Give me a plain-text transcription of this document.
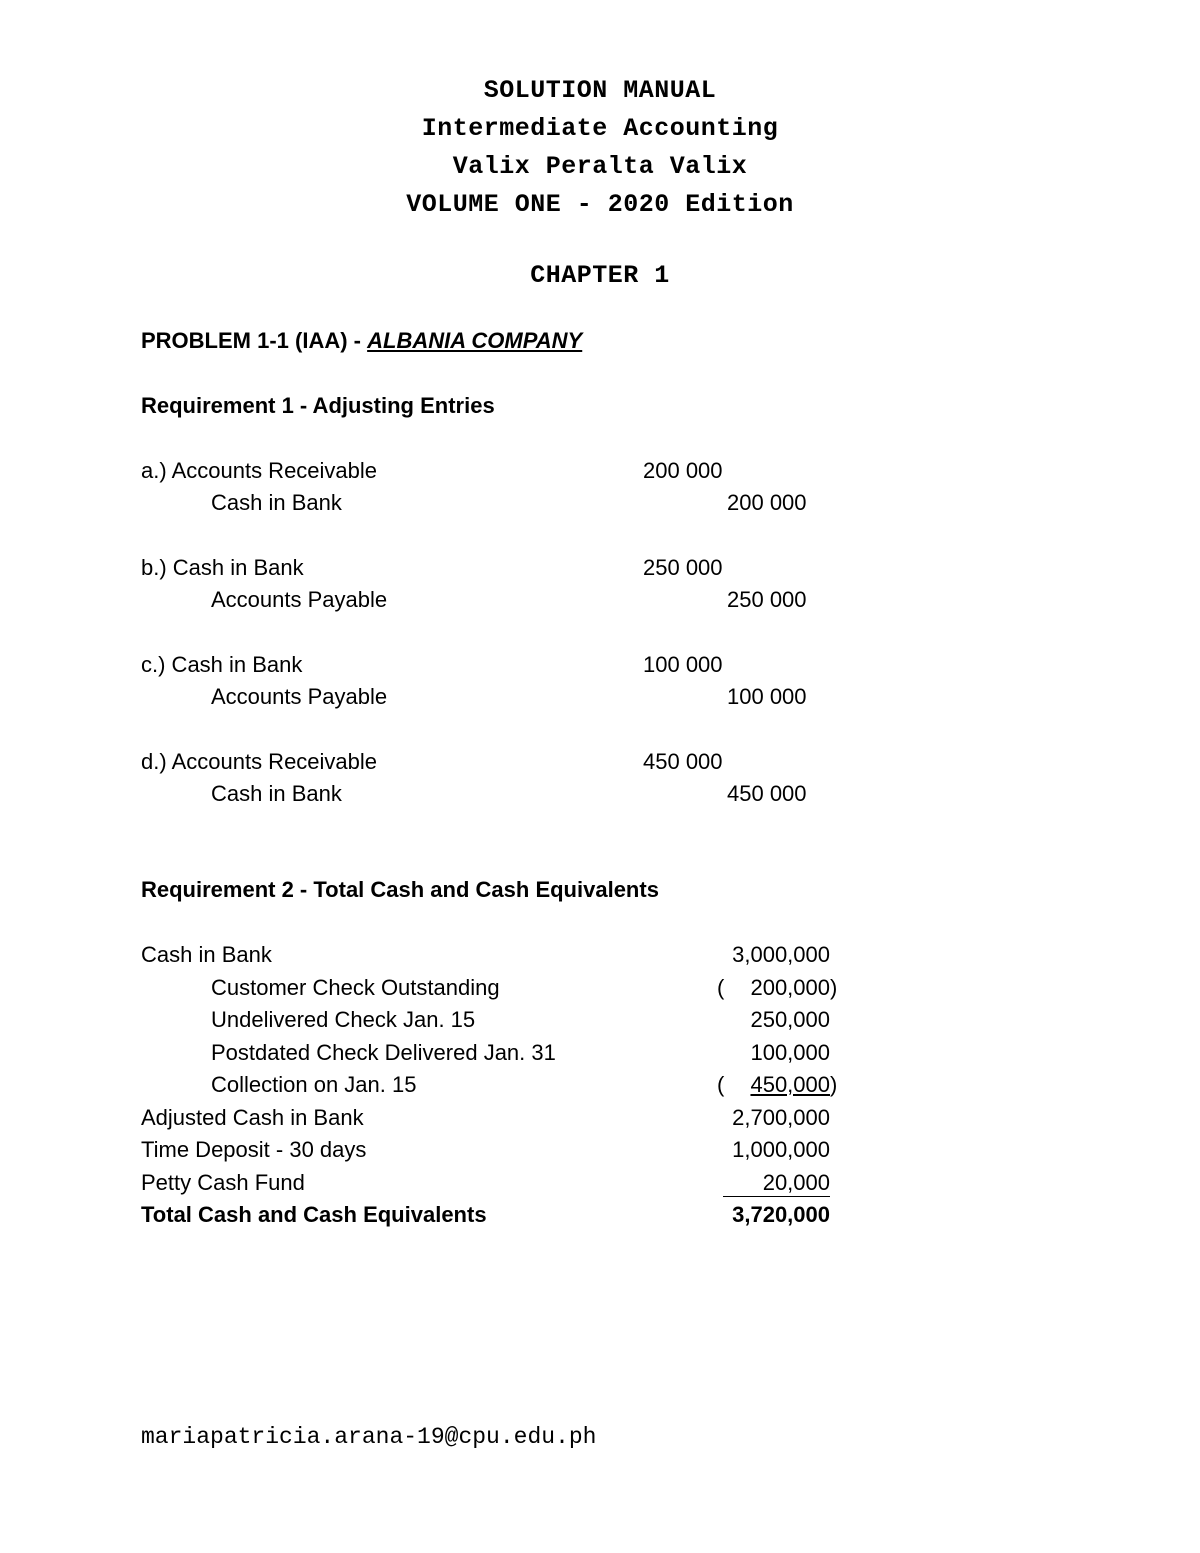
SOLUTION MANUAL
Intermediate Accounting
Valix Peralta Valix
VOLUME ONE - 2020 Edition
CHAPTER 1
PROBLEM 1-1 (IAA) - ALBANIA COMPANY
Requirement 1 - Adjusting Entries
a.) Accounts Receivable	200 000
Cash in Bank	200 000
b.) Cash in Bank	250 000
Accounts Payable	250 000
c.) Cash in Bank	100 000
Accounts Payable	100 000
d.) Accounts Receivable	450 000
Cash in Bank	450 000
Requirement 2 - Total Cash and Cash Equivalents
Cash in Bank	3,000,000
Customer Check Outstanding	( 200,000 )
Undelivered Check Jan. 15	250,000
Postdated Check Delivered Jan. 31	100,000
Collection on Jan. 15	(	450,000 )
Adjusted Cash in Bank	2,700,000
Time Deposit - 30 days	1,000,000
Petty Cash Fund	20,000
Total Cash and Cash Equivalents	3,720,000
mariapatricia.arana-19@cpu.edu.ph
